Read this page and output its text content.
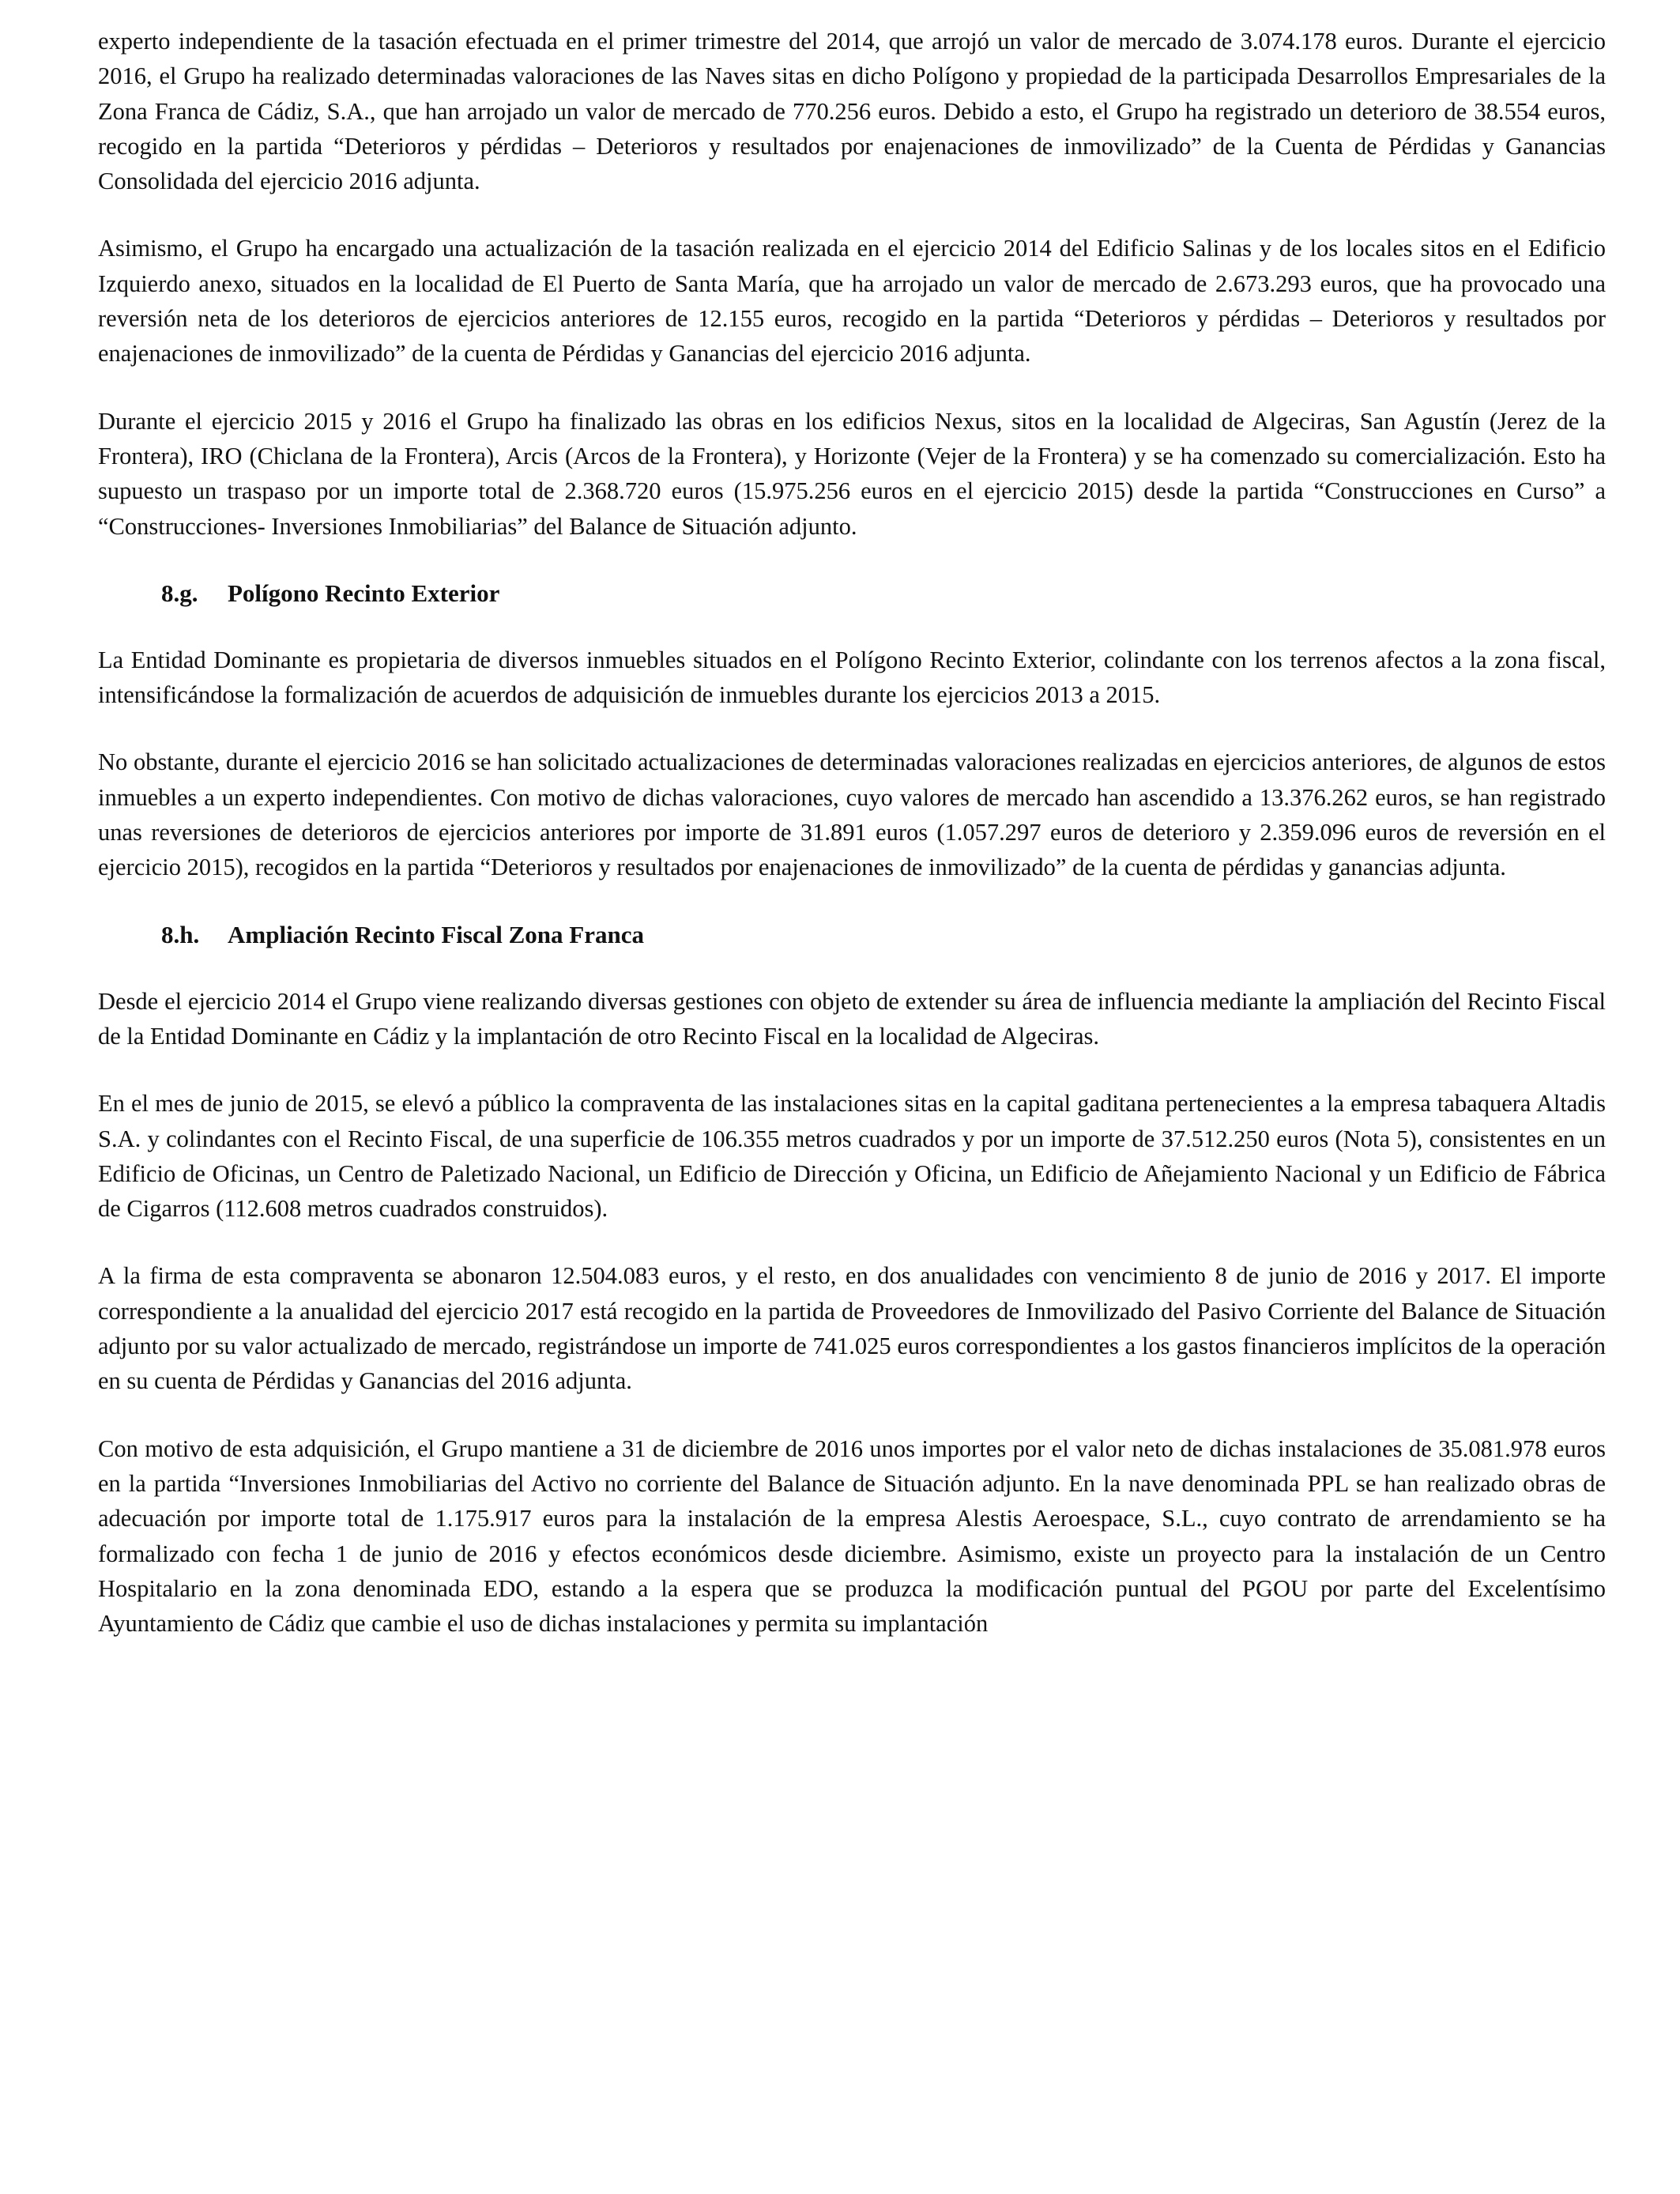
experto independiente de la tasación efectuada en el primer trimestre del 2014, que arrojó un valor de mercado de 3.074.178 euros. Durante el ejercicio 2016, el Grupo ha realizado determinadas valoraciones de las Naves sitas en dicho Polígono y propiedad de la participada Desarrollos Empresariales de la Zona Franca de Cádiz, S.A., que han arrojado un valor de mercado de 770.256 euros. Debido a esto, el Grupo ha registrado un deterioro de 38.554 euros, recogido en la partida “Deterioros y pérdidas – Deterioros y resultados por enajenaciones de inmovilizado” de la Cuenta de Pérdidas y Ganancias Consolidada del ejercicio 2016 adjunta.

Asimismo, el Grupo ha encargado una actualización de la tasación realizada en el ejercicio 2014 del Edificio Salinas y de los locales sitos en el Edificio Izquierdo anexo, situados en la localidad de El Puerto de Santa María, que ha arrojado un valor de mercado de 2.673.293 euros, que ha provocado una reversión neta de los deterioros de ejercicios anteriores de 12.155 euros, recogido en la partida “Deterioros y pérdidas – Deterioros y resultados por enajenaciones de inmovilizado” de la cuenta de Pérdidas y Ganancias del ejercicio 2016 adjunta.

Durante el ejercicio 2015 y 2016 el Grupo ha finalizado las obras en los edificios Nexus, sitos en la localidad de Algeciras, San Agustín (Jerez de la Frontera), IRO (Chiclana de la Frontera), Arcis (Arcos de la Frontera), y Horizonte (Vejer de la Frontera) y se ha comenzado su comercialización. Esto ha supuesto un traspaso por un importe total de 2.368.720 euros (15.975.256 euros en el ejercicio 2015) desde la partida “Construcciones en Curso” a “Construcciones- Inversiones Inmobiliarias” del Balance de Situación adjunto.

8.g. Polígono Recinto Exterior

La Entidad Dominante es propietaria de diversos inmuebles situados en el Polígono Recinto Exterior, colindante con los terrenos afectos a la zona fiscal, intensificándose la formalización de acuerdos de adquisición de inmuebles durante los ejercicios 2013 a 2015.

No obstante, durante el ejercicio 2016 se han solicitado actualizaciones de determinadas valoraciones realizadas en ejercicios anteriores, de algunos de estos inmuebles a un experto independientes. Con motivo de dichas valoraciones, cuyo valores de mercado han ascendido a 13.376.262 euros, se han registrado unas reversiones de deterioros de ejercicios anteriores por importe de 31.891 euros (1.057.297 euros de deterioro y 2.359.096 euros de reversión en el ejercicio 2015), recogidos en la partida “Deterioros y resultados por enajenaciones de inmovilizado” de la cuenta de pérdidas y ganancias adjunta.

8.h. Ampliación Recinto Fiscal Zona Franca

Desde el ejercicio 2014 el Grupo viene realizando diversas gestiones con objeto de extender su área de influencia mediante la ampliación del Recinto Fiscal de la Entidad Dominante en Cádiz y la implantación de otro Recinto Fiscal en la localidad de Algeciras.

En el mes de junio de 2015, se elevó a público la compraventa de las instalaciones sitas en la capital gaditana pertenecientes a la empresa tabaquera Altadis S.A. y colindantes con el Recinto Fiscal, de una superficie de 106.355 metros cuadrados y por un importe de 37.512.250 euros (Nota 5), consistentes en un Edificio de Oficinas, un Centro de Paletizado Nacional, un Edificio de Dirección y Oficina, un Edificio de Añejamiento Nacional y un Edificio de Fábrica de Cigarros (112.608 metros cuadrados construidos).

A la firma de esta compraventa se abonaron 12.504.083 euros, y el resto, en dos anualidades con vencimiento 8 de junio de 2016 y 2017. El importe correspondiente a la anualidad del ejercicio 2017 está recogido en la partida de Proveedores de Inmovilizado del Pasivo Corriente del Balance de Situación adjunto por su valor actualizado de mercado, registrándose un importe de 741.025 euros correspondientes a los gastos financieros implícitos de la operación en su cuenta de Pérdidas y Ganancias del 2016 adjunta.

Con motivo de esta adquisición, el Grupo mantiene a 31 de diciembre de 2016 unos importes por el valor neto de dichas instalaciones de 35.081.978 euros en la partida “Inversiones Inmobiliarias del Activo no corriente del Balance de Situación adjunto. En la nave denominada PPL se han realizado obras de adecuación por importe total de 1.175.917 euros para la instalación de la empresa Alestis Aeroespace, S.L., cuyo contrato de arrendamiento se ha formalizado con fecha 1 de junio de 2016 y efectos económicos desde diciembre. Asimismo, existe un proyecto para la instalación de un Centro Hospitalario en la zona denominada EDO, estando a la espera que se produzca la modificación puntual del PGOU por parte del Excelentísimo Ayuntamiento de Cádiz que cambie el uso de dichas instalaciones y permita su implantación
